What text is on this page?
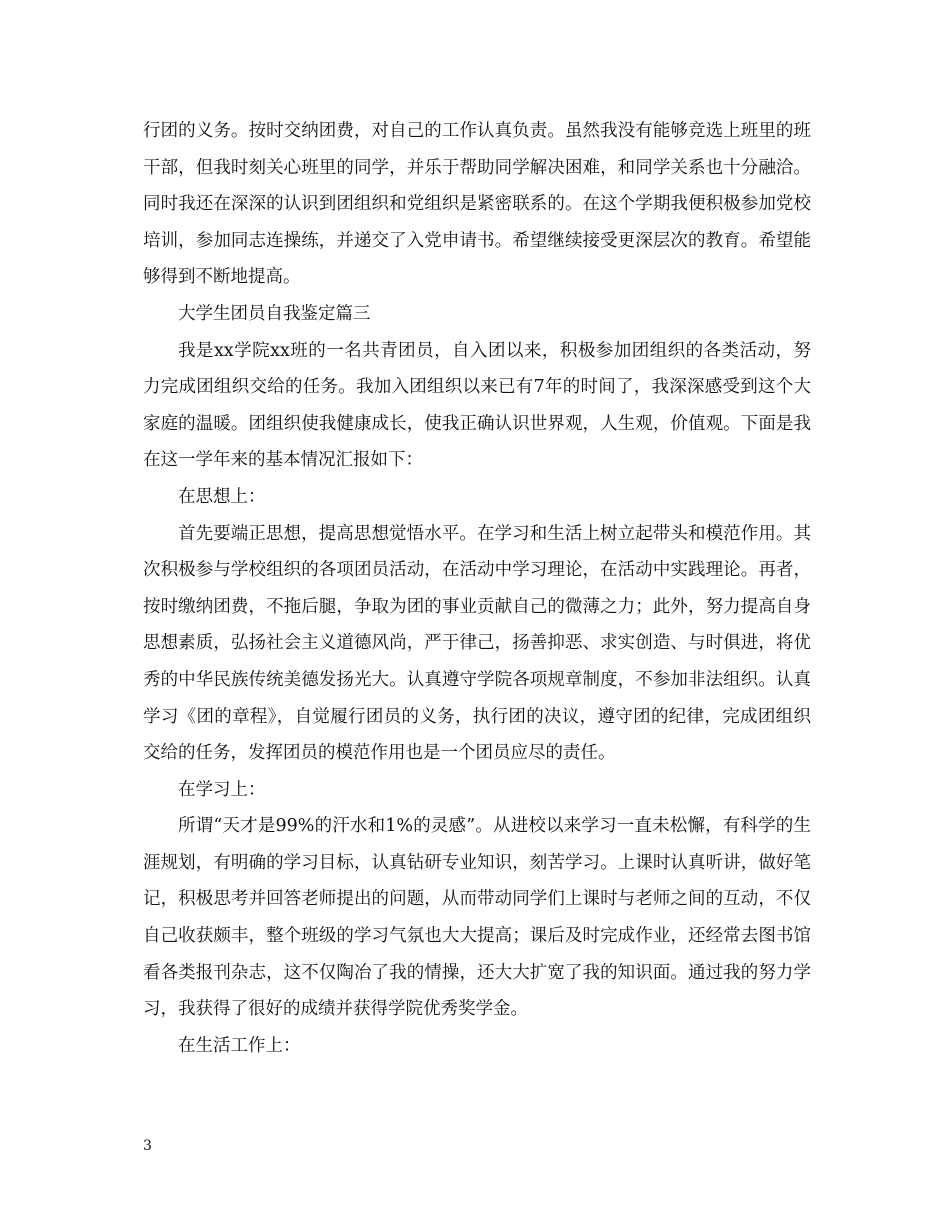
行团的义务。按时交纳团费，对自己的工作认真负责。虽然我没有能够竞选上班里的班干部，但我时刻关心班里的同学，并乐于帮助同学解决困难，和同学关系也十分融洽。同时我还在深深的认识到团组织和党组织是紧密联系的。在这个学期我便积极参加党校培训，参加同志连操练，并递交了入党申请书。希望继续接受更深层次的教育。希望能够得到不断地提高。

大学生团员自我鉴定篇三

我是xx学院xx班的一名共青团员，自入团以来，积极参加团组织的各类活动，努力完成团组织交给的任务。我加入团组织以来已有7年的时间了，我深深感受到这个大家庭的温暖。团组织使我健康成长，使我正确认识世界观，人生观，价值观。下面是我在这一学年来的基本情况汇报如下：

在思想上：

首先要端正思想，提高思想觉悟水平。在学习和生活上树立起带头和模范作用。其次积极参与学校组织的各项团员活动，在活动中学习理论，在活动中实践理论。再者，按时缴纳团费，不拖后腿，争取为团的事业贡献自己的微薄之力；此外，努力提高自身思想素质，弘扬社会主义道德风尚，严于律己，扬善抑恶、求实创造、与时俱进，将优秀的中华民族传统美德发扬光大。认真遵守学院各项规章制度，不参加非法组织。认真学习《团的章程》，自觉履行团员的义务，执行团的决议，遵守团的纪律，完成团组织交给的任务，发挥团员的模范作用也是一个团员应尽的责任。

在学习上：

所谓“天才是99%的汗水和1%的灵感”。从进校以来学习一直未松懈，有科学的生涯规划，有明确的学习目标，认真钻研专业知识，刻苦学习。上课时认真听讲，做好笔记，积极思考并回答老师提出的问题，从而带动同学们上课时与老师之间的互动，不仅自己收获颇丰，整个班级的学习气氛也大大提高；课后及时完成作业，还经常去图书馆看各类报刊杂志，这不仅陶冶了我的情操，还大大扩宽了我的知识面。通过我的努力学习，我获得了很好的成绩并获得学院优秀奖学金。

在生活工作上：

3
